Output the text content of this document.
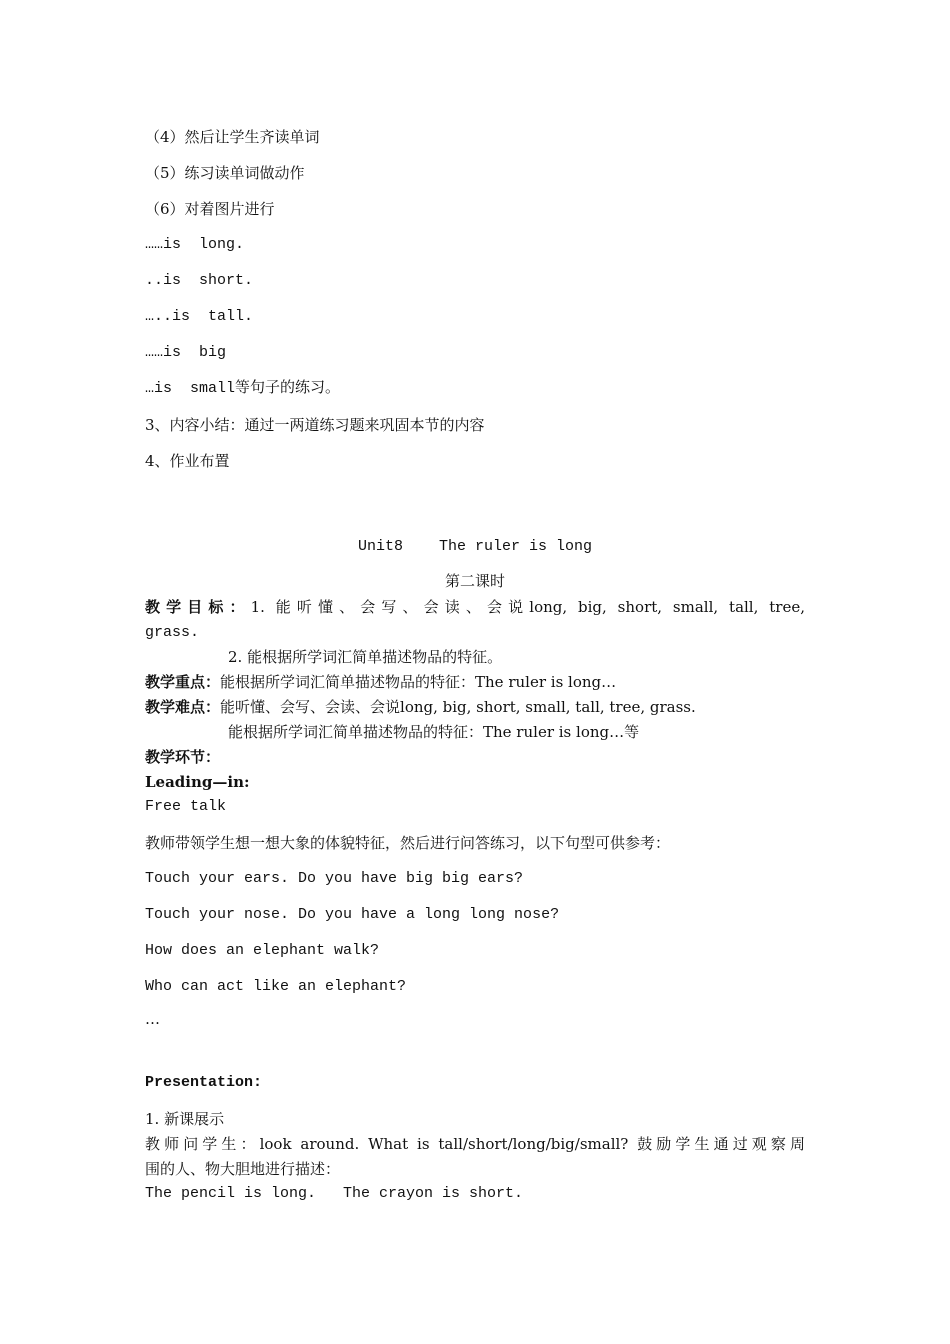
（4）然后让学生齐读单词
（5）练习读单词做动作
（6）对着图片进行
……is  long.
..is  short.
…..is  tall.
……is  big
…is  small等句子的练习。
3、内容小结：通过一两道练习题来巩固本节的内容
4、作业布置
Unit8    The ruler is long
第二课时
教学目标：1. 能听懂、会写、会读、会说long, big, short, small, tall, tree,
grass.
2. 能根据所学词汇简单描述物品的特征。
教学重点：能根据所学词汇简单描述物品的特征：The ruler is long…
教学难点：能听懂、会写、会读、会说long, big, short, small, tall, tree, grass.
能根据所学词汇简单描述物品的特征：The ruler is long…等
教学环节：
Leading—in:
Free talk
教师带领学生想一想大象的体貌特征，然后进行问答练习，以下句型可供参考：
Touch your ears. Do you have big big ears?
Touch your nose. Do you have a long long nose?
How does an elephant walk?
Who can act like an elephant?
…
Presentation:
1. 新课展示
教师问学生：look around. What is tall/short/long/big/small? 鼓励学生通过观察周
围的人、物大胆地进行描述：
The pencil is long.   The crayon is short.
